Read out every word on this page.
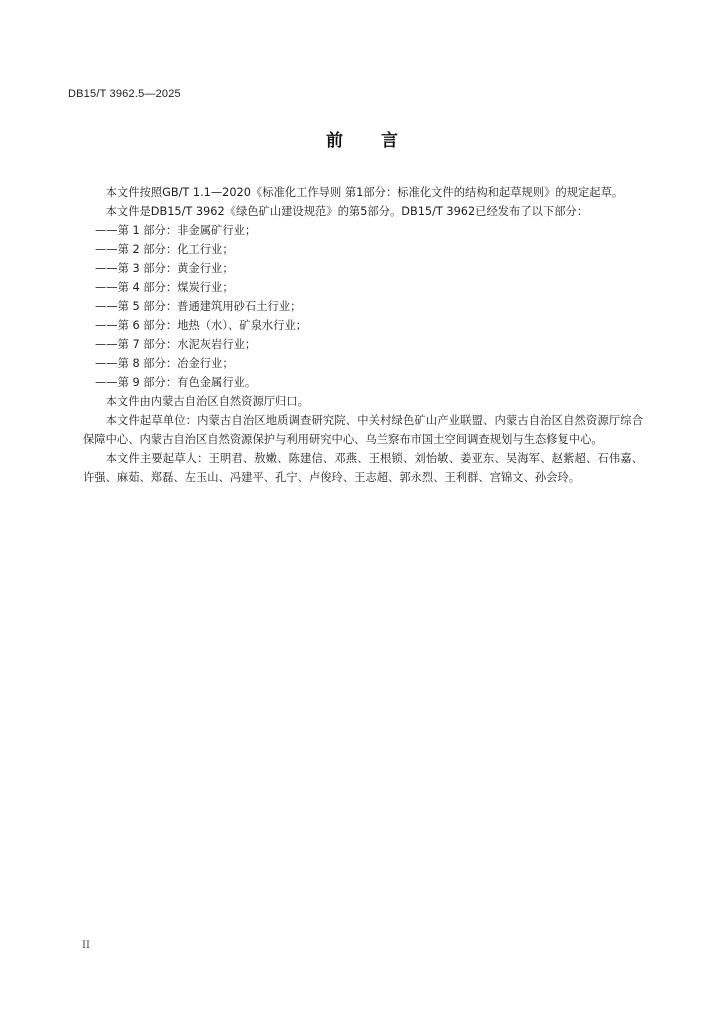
DB15/T 3962.5—2025
前言

本文件按照GB/T 1.1—2020《标准化工作导则 第1部分：标准化文件的结构和起草规则》的规定起草。

本文件是DB15/T 3962《绿色矿山建设规范》的第5部分。DB15/T 3962已经发布了以下部分：

——第 1 部分：非金属矿行业；

——第 2 部分：化工行业；

——第 3 部分：黄金行业；

——第 4 部分：煤炭行业；

——第 5 部分：普通建筑用砂石土行业；

——第 6 部分：地热（水）、矿泉水行业；

——第 7 部分：水泥灰岩行业；

——第 8 部分：冶金行业；

——第 9 部分：有色金属行业。

本文件由内蒙古自治区自然资源厅归口。

本文件起草单位：内蒙古自治区地质调查研究院、中关村绿色矿山产业联盟、内蒙古自治区自然资源厅综合保障中心、内蒙古自治区自然资源保护与利用研究中心、乌兰察布市国土空间调查规划与生态修复中心。

本文件主要起草人：王明君、敖嫩、陈建信、邓燕、王根锁、刘怡敏、姜亚东、吴海军、赵紫超、石伟嘉、许强、麻茹、郑磊、左玉山、冯建平、孔宁、卢俊玲、王志超、郭永烈、王利群、宫锦文、孙会玲。

II
